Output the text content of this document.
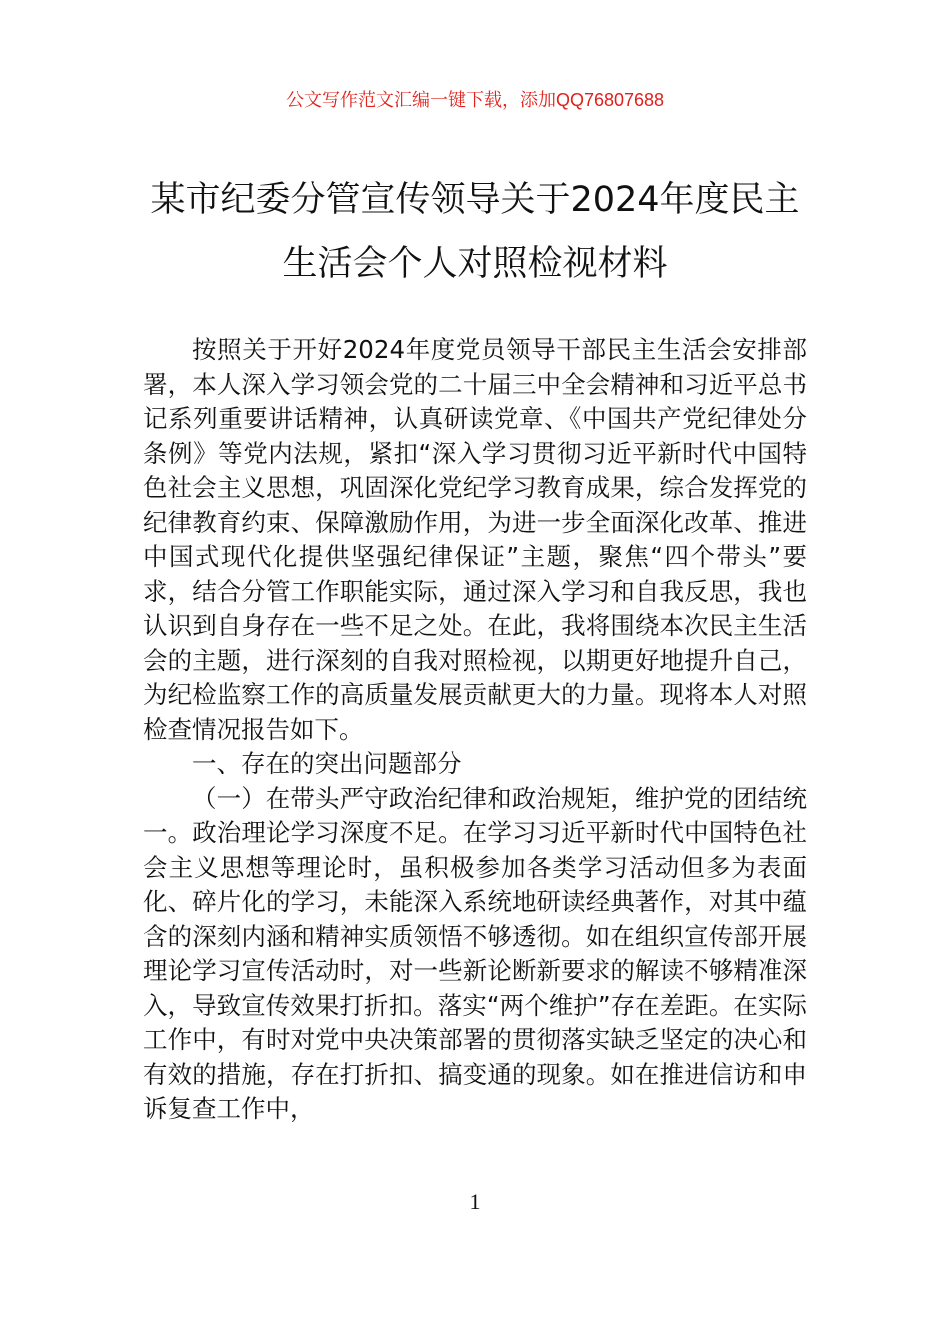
公文写作范文汇编一键下载，添加QQ76807688
某市纪委分管宣传领导关于2024年度民主
生活会个人对照检视材料

按照关于开好2024年度党员领导干部民主生活会安排部署，本人深入学习领会党的二十届三中全会精神和习近平总书记系列重要讲话精神，认真研读党章、《中国共产党纪律处分条例》等党内法规，紧扣“深入学习贯彻习近平新时代中国特色社会主义思想，巩固深化党纪学习教育成果，综合发挥党的纪律教育约束、保障激励作用，为进一步全面深化改革、推进中国式现代化提供坚强纪律保证”主题，聚焦“四个带头”要求，结合分管工作职能实际，通过深入学习和自我反思，我也认识到自身存在一些不足之处。在此，我将围绕本次民主生活会的主题，进行深刻的自我对照检视，以期更好地提升自己，为纪检监察工作的高质量发展贡献更大的力量。现将本人对照检查情况报告如下。

一、存在的突出问题部分

（一）在带头严守政治纪律和政治规矩，维护党的团结统一。政治理论学习深度不足。在学习习近平新时代中国特色社会主义思想等理论时，虽积极参加各类学习活动但多为表面化、碎片化的学习，未能深入系统地研读经典著作，对其中蕴含的深刻内涵和精神实质领悟不够透彻。如在组织宣传部开展理论学习宣传活动时，对一些新论断新要求的解读不够精准深入，导致宣传效果打折扣。落实“两个维护”存在差距。在实际工作中，有时对党中央决策部署的贯彻落实缺乏坚定的决心和有效的措施，存在打折扣、搞变通的现象。如在推进信访和申诉复查工作中，

1
